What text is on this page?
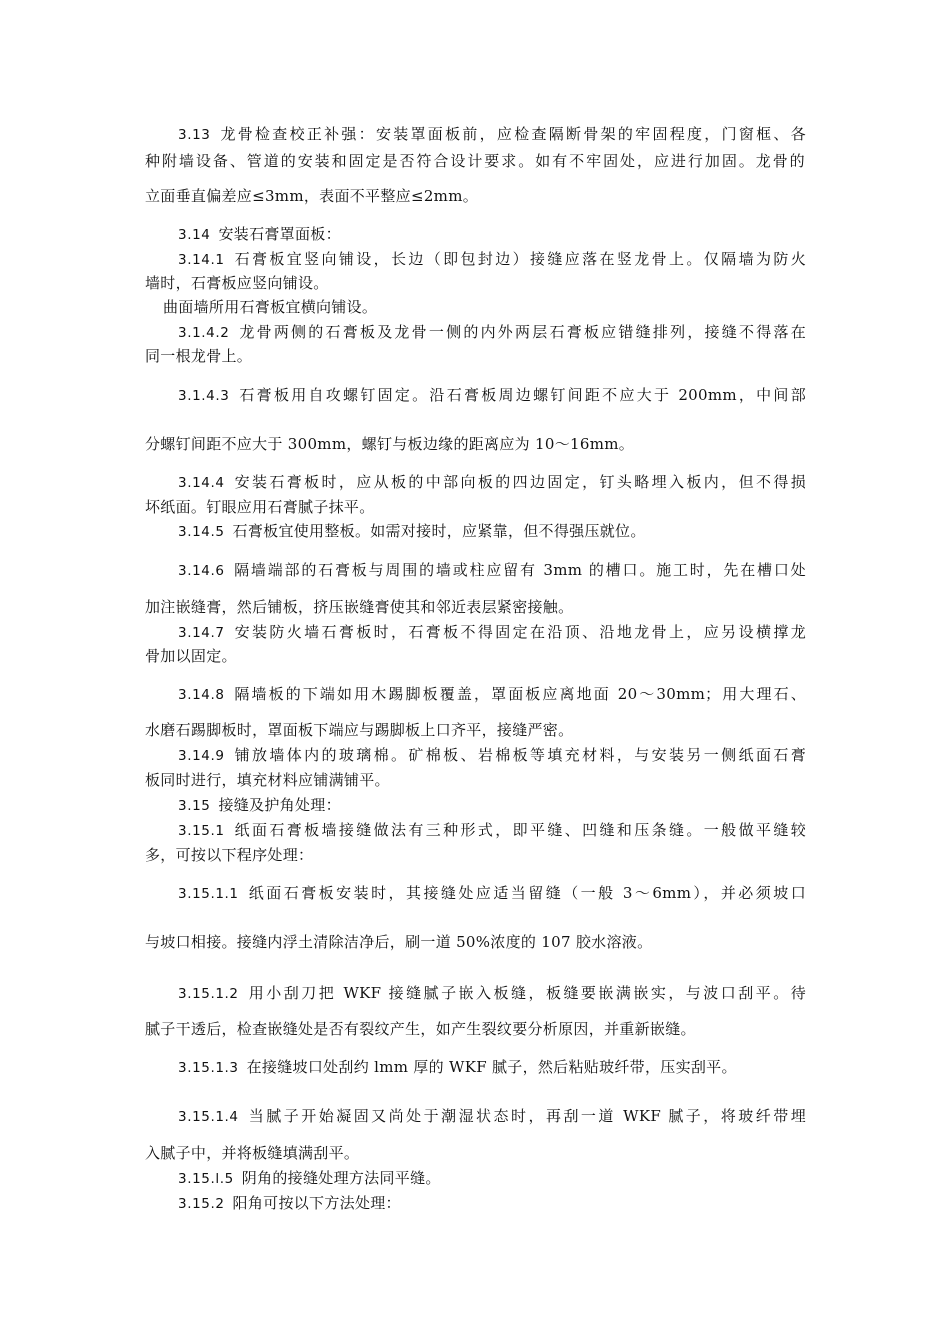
3.13 龙骨检查校正补强：安装罩面板前，应检查隔断骨架的牢固程度，门窗框、各
种附墙设备、管道的安装和固定是否符合设计要求。如有不牢固处，应进行加固。龙骨的
立面垂直偏差应≤3mm，表面不平整应≤2mm。
3.14 安装石膏罩面板：
3.14.1 石膏板宜竖向铺设，长边（即包封边）接缝应落在竖龙骨上。仅隔墙为防火
墙时，石膏板应竖向铺设。
曲面墙所用石膏板宜横向铺设。
3.1.4.2 龙骨两侧的石膏板及龙骨一侧的内外两层石膏板应错缝排列，接缝不得落在
同一根龙骨上。
3.1.4.3 石膏板用自攻螺钉固定。沿石膏板周边螺钉间距不应大于 200mm，中间部
分螺钉间距不应大于 300mm，螺钉与板边缘的距离应为 10～16mm。
3.14.4 安装石膏板时，应从板的中部向板的四边固定，钉头略埋入板内，但不得损
坏纸面。钉眼应用石膏腻子抹平。
3.14.5 石膏板宜使用整板。如需对接时，应紧靠，但不得强压就位。
3.14.6 隔墙端部的石膏板与周围的墙或柱应留有 3mm 的槽口。施工时，先在槽口处
加注嵌缝膏，然后铺板，挤压嵌缝膏使其和邻近表层紧密接触。
3.14.7 安装防火墙石膏板时，石膏板不得固定在沿顶、沿地龙骨上，应另设横撑龙
骨加以固定。
3.14.8 隔墙板的下端如用木踢脚板覆盖，罩面板应离地面 20～30mm；用大理石、
水磨石踢脚板时，罩面板下端应与踢脚板上口齐平，接缝严密。
3.14.9 铺放墙体内的玻璃棉。矿棉板、岩棉板等填充材料，与安装另一侧纸面石膏
板同时进行，填充材料应铺满铺平。
3.15 接缝及护角处理：
3.15.1 纸面石膏板墙接缝做法有三种形式，即平缝、凹缝和压条缝。一般做平缝较
多，可按以下程序处理：
3.15.1.1 纸面石膏板安装时，其接缝处应适当留缝（一般 3～6mm），并必须坡口
与坡口相接。接缝内浮土清除洁净后，刷一道 50%浓度的 107 胶水溶液。
3.15.1.2 用小刮刀把 WKF 接缝腻子嵌入板缝，板缝要嵌满嵌实，与波口刮平。待
腻子干透后，检查嵌缝处是否有裂纹产生，如产生裂纹要分析原因，并重新嵌缝。
3.15.1.3 在接缝坡口处刮约 lmm 厚的 WKF 腻子，然后粘贴玻纤带，压实刮平。
3.15.1.4 当腻子开始凝固又尚处于潮湿状态时，再刮一道 WKF 腻子，将玻纤带埋
入腻子中，并将板缝填满刮平。
3.15.l.5 阴角的接缝处理方法同平缝。
3.15.2 阳角可按以下方法处理：
